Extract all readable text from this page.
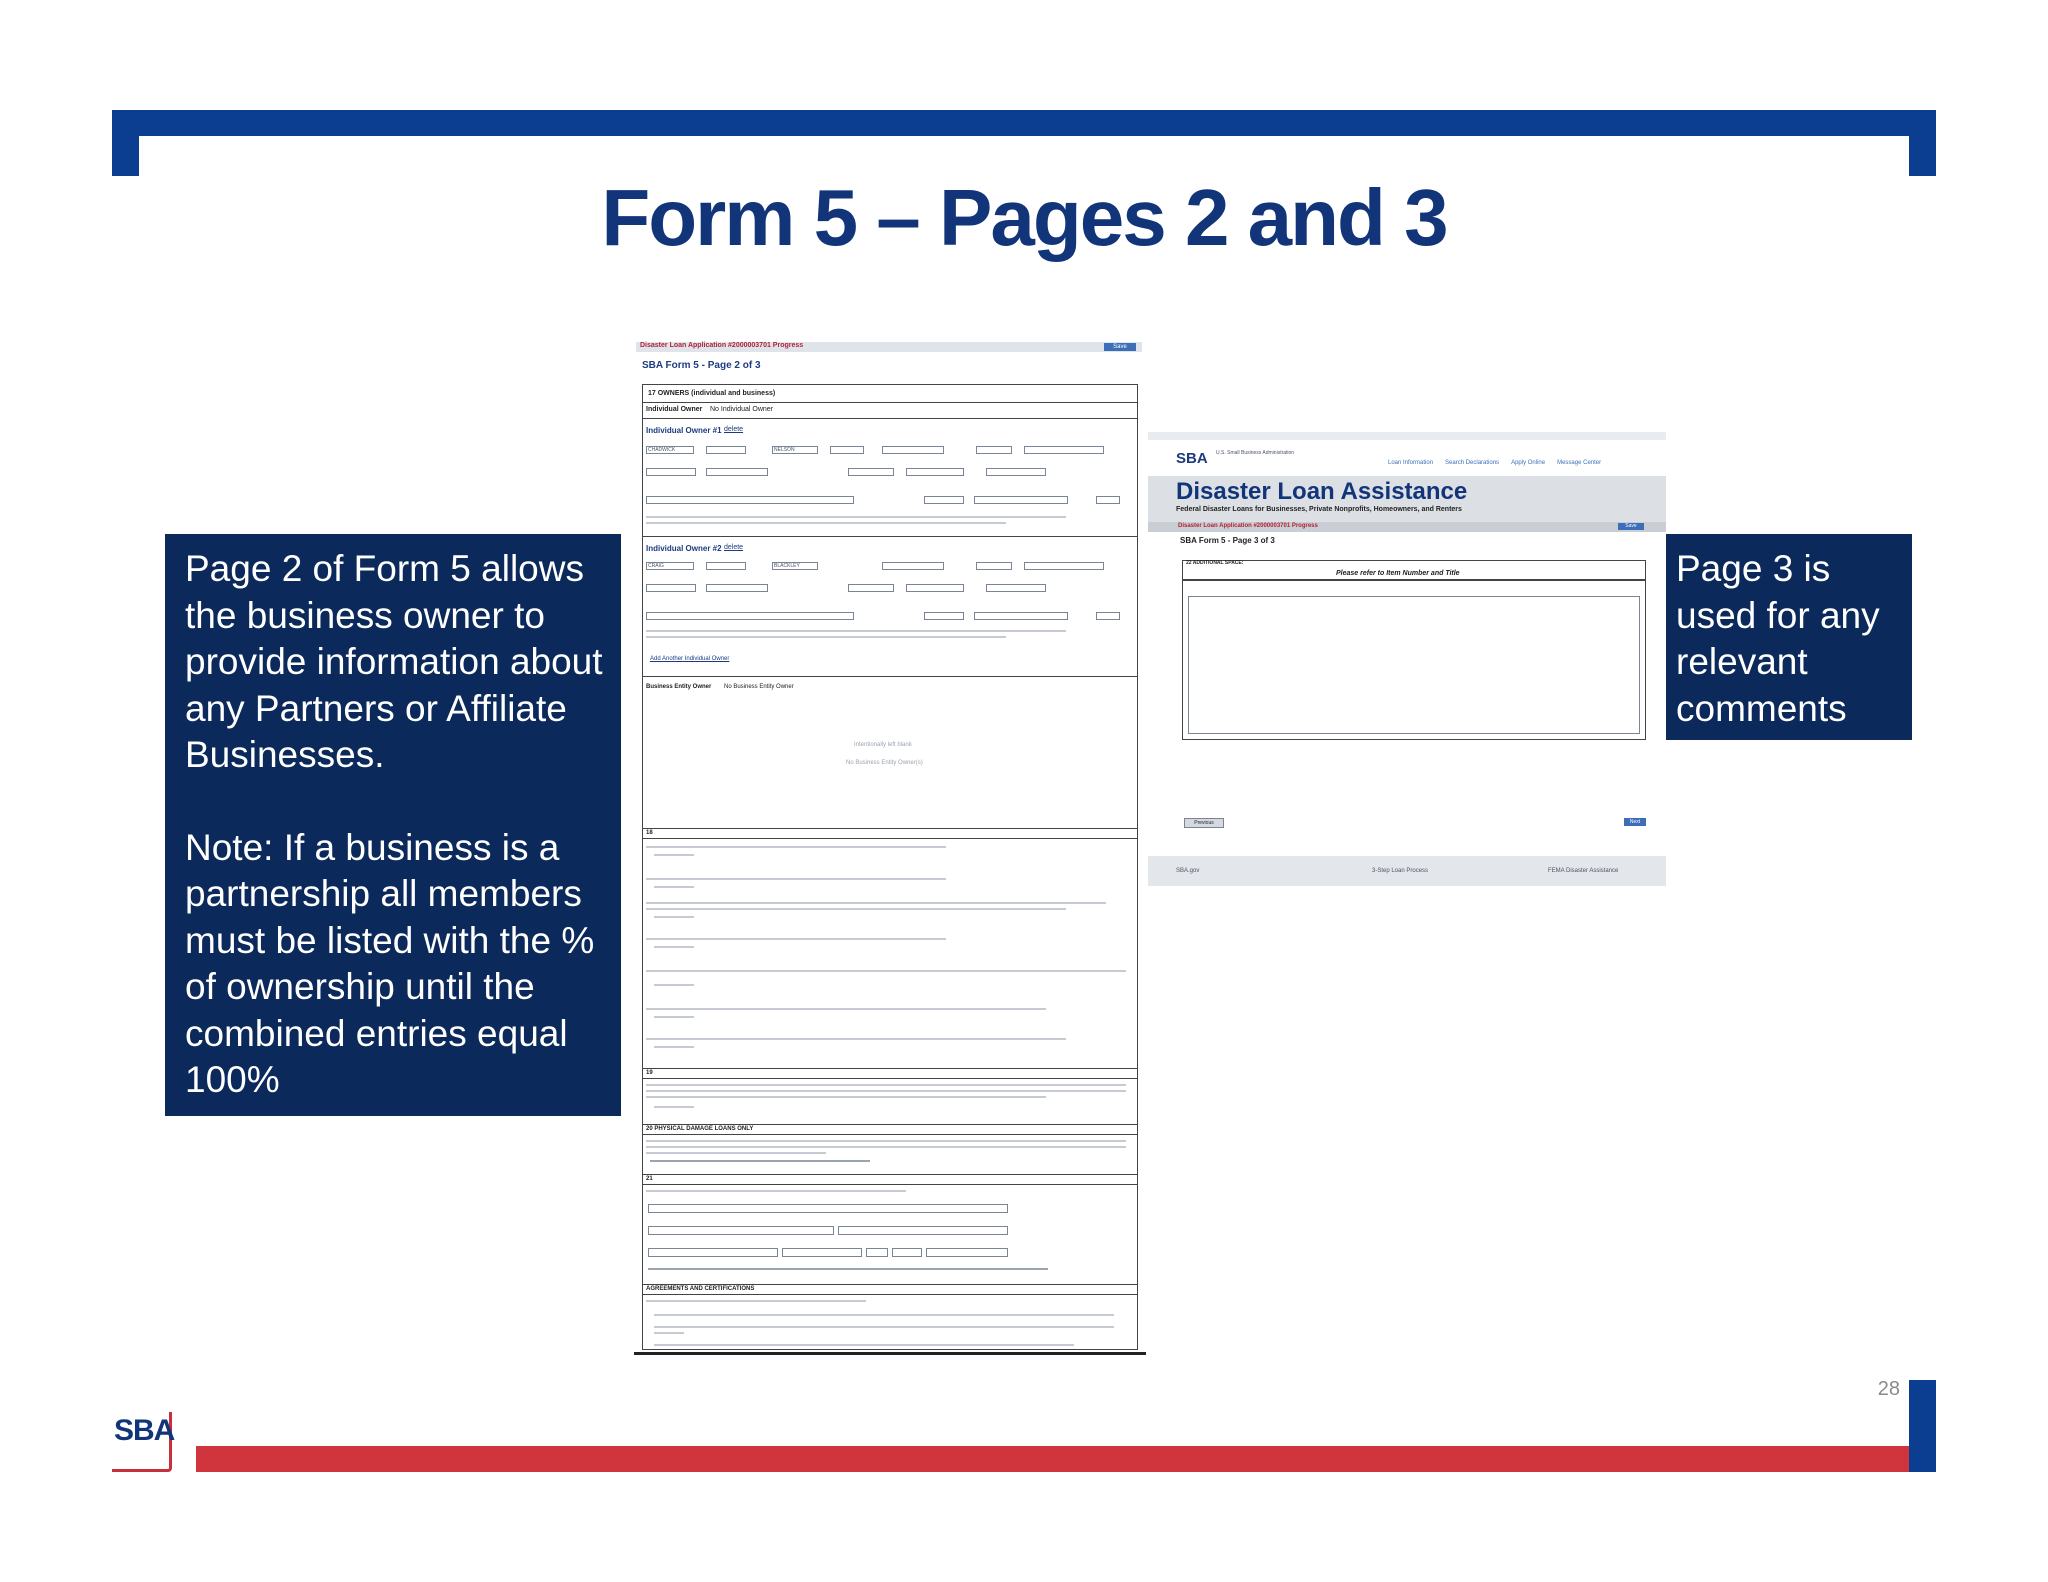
Form 5 – Pages 2 and 3

Page 2 of Form 5 allows the business owner to provide information about any Partners or Affiliate Businesses.

Note: If a business is a partnership all members must be listed with the % of ownership until the combined entries equal 100%

Page 3 is used for any relevant comments

Disaster Loan Application #2000003701 Progress	Save
SBA Form 5 - Page 2 of 3
17 OWNERS (individual and business)
Individual Owner No Individual Owner
Individual Owner #1 delete
CHADWICK	NELSON
Individual Owner #2 delete
CRAIG	BLACKLEY
Add Another Individual Owner
Business Entity Owner No Business Entity Owner
Intentionally left blank
No Business Entity Owner(s)
18
19
20 PHYSICAL DAMAGE LOANS ONLY
21
AGREEMENTS AND CERTIFICATIONS
SBA U.S. Small Business Administration
Loan Information Search Declarations Apply Online Message Center
Disaster Loan Assistance
Federal Disaster Loans for Businesses, Private Nonprofits, Homeowners, and Renters
Disaster Loan Application #2000003701 Progress	Save
SBA Form 5 - Page 3 of 3
22 ADDITIONAL SPACE:
Please refer to Item Number and Title
Previous	Next
SBA.gov	3-Step Loan Process	FEMA Disaster Assistance
28
SBA
